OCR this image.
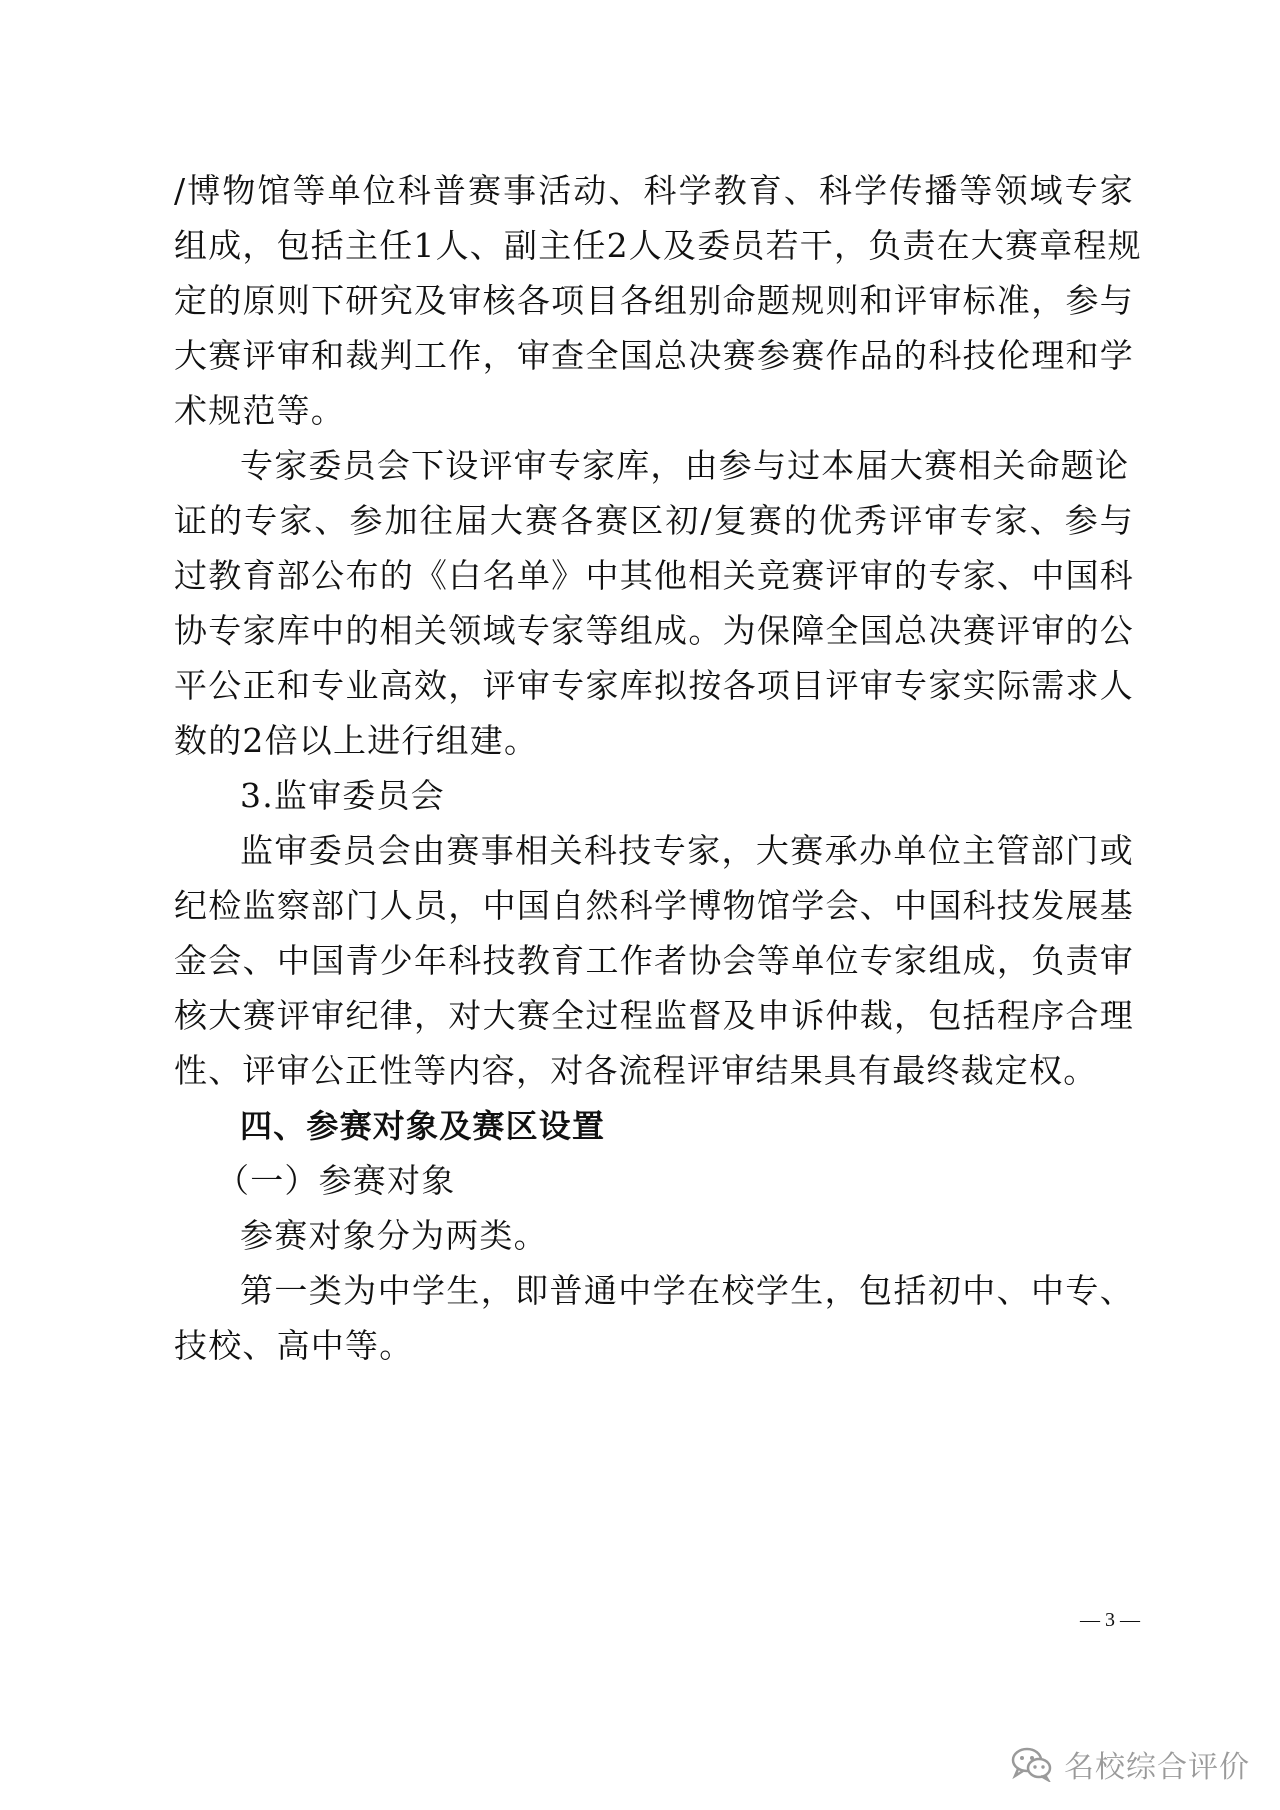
/博物馆等单位科普赛事活动、科学教育、科学传播等领域专家
组成，包括主任1人、副主任2人及委员若干，负责在大赛章程规
定的原则下研究及审核各项目各组别命题规则和评审标准，参与
大赛评审和裁判工作，审查全国总决赛参赛作品的科技伦理和学
术规范等。
专家委员会下设评审专家库，由参与过本届大赛相关命题论
证的专家、参加往届大赛各赛区初/复赛的优秀评审专家、参与
过教育部公布的《白名单》中其他相关竞赛评审的专家、中国科
协专家库中的相关领域专家等组成。为保障全国总决赛评审的公
平公正和专业高效，评审专家库拟按各项目评审专家实际需求人
数的2倍以上进行组建。
3.监审委员会
监审委员会由赛事相关科技专家，大赛承办单位主管部门或
纪检监察部门人员，中国自然科学博物馆学会、中国科技发展基
金会、中国青少年科技教育工作者协会等单位专家组成，负责审
核大赛评审纪律，对大赛全过程监督及申诉仲裁，包括程序合理
性、评审公正性等内容，对各流程评审结果具有最终裁定权。
四、参赛对象及赛区设置
（一）参赛对象
参赛对象分为两类。
第一类为中学生，即普通中学在校学生，包括初中、中专、
技校、高中等。
— 3 —
名校综合评价
